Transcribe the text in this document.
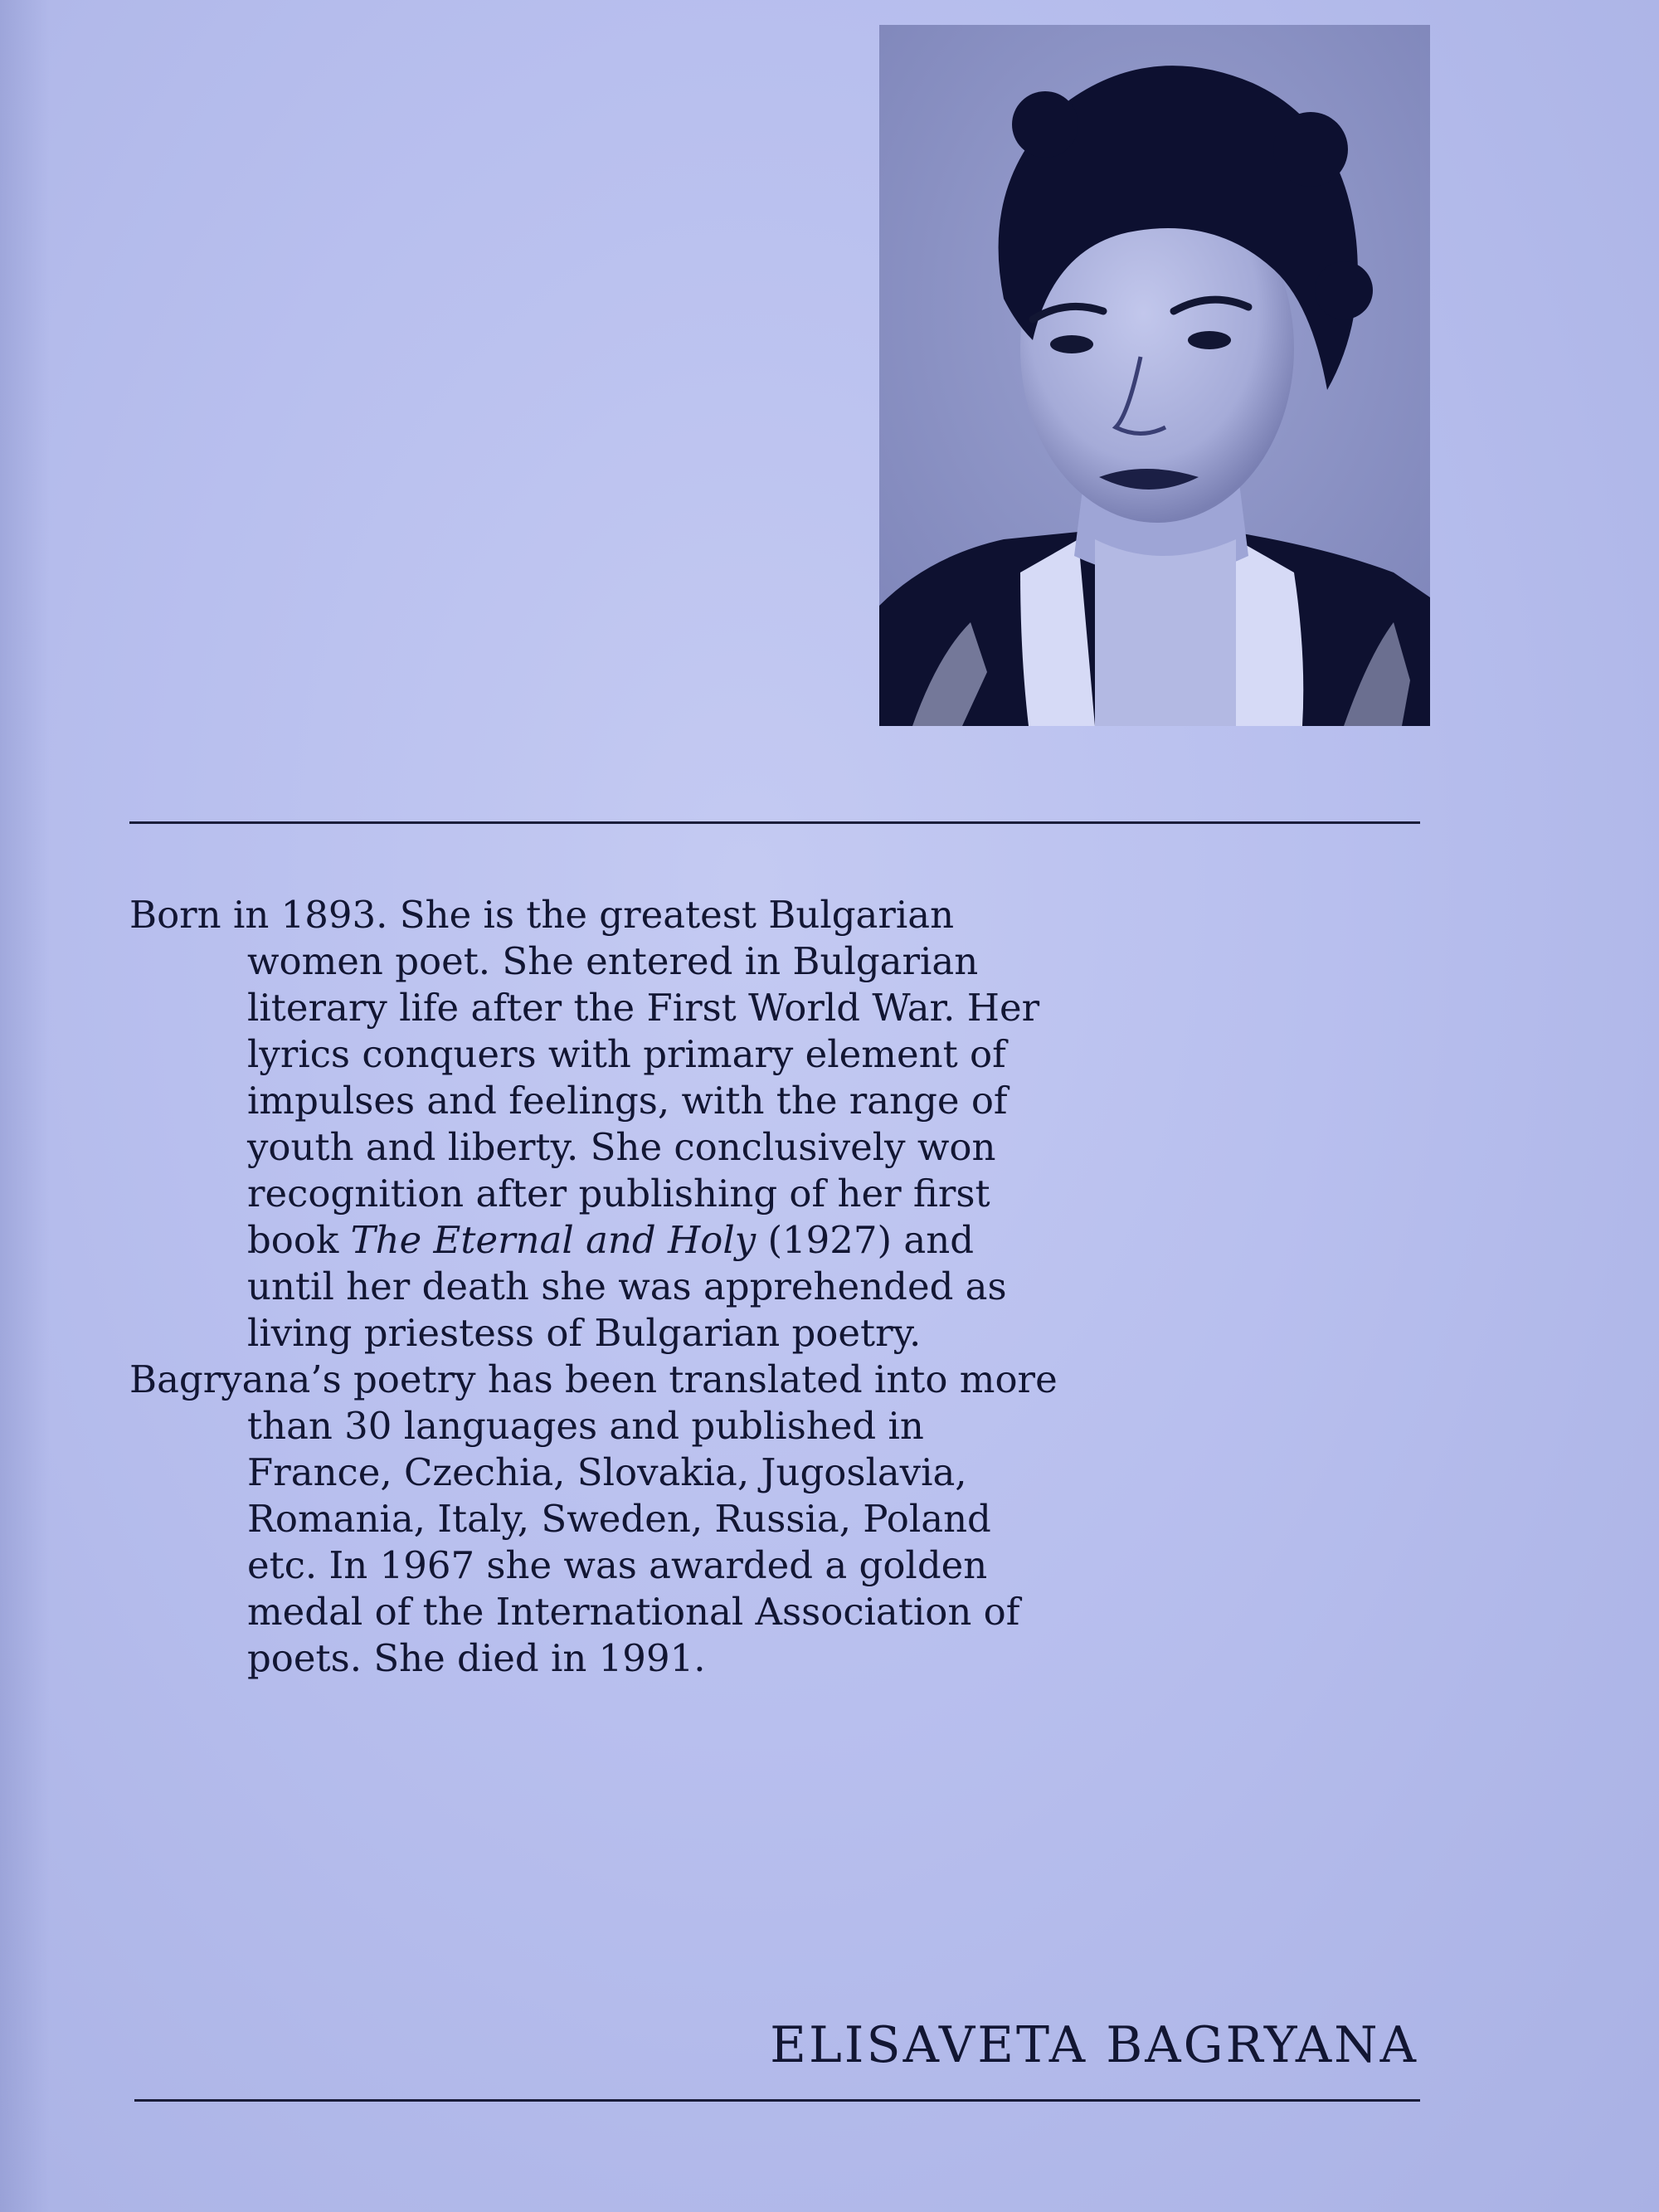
Born in 1893. She is the greatest Bulgarian women poet. She entered in Bulgarian literary life after the First World War. Her lyrics conquers with primary element of impulses and feelings, with the range of youth and liberty. She conclusively won recognition after publishing of her first book The Eternal and Holy (1927) and until her death she was apprehended as living priestess of Bulgarian poetry.

Bagryana’s poetry has been translated into more than 30 languages and published in France, Czechia, Slovakia, Jugoslavia, Romania, Italy, Sweden, Russia, Poland etc. In 1967 she was awarded a golden medal of the International Association of poets. She died in 1991.

ELISAVETA BAGRYANA
